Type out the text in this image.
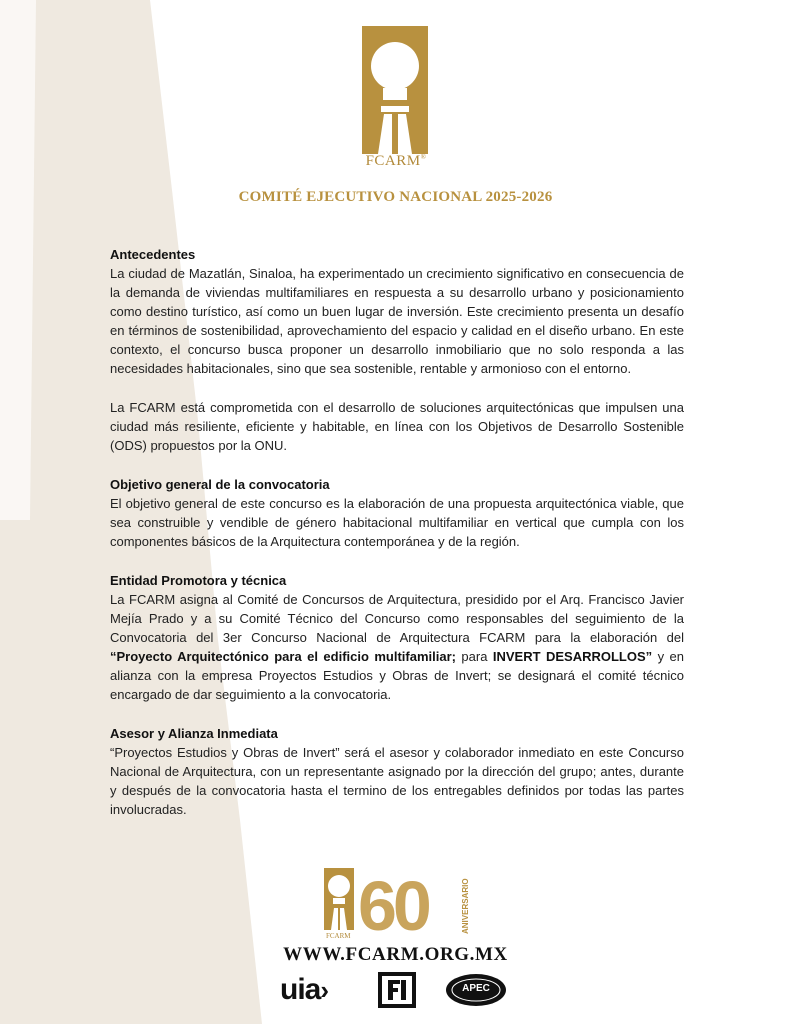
FCARM®
COMITÉ EJECUTIVO NACIONAL 2025-2026
Antecedentes

La ciudad de Mazatlán, Sinaloa, ha experimentado un crecimiento significativo en consecuencia de la demanda de viviendas multifamiliares en respuesta a su desarrollo urbano y posicionamiento como destino turístico, así como un buen lugar de inversión. Este crecimiento presenta un desafío en términos de sostenibilidad, aprovechamiento del espacio y calidad en el diseño urbano. En este contexto, el concurso busca proponer un desarrollo inmobiliario que no solo responda a las necesidades habitacionales, sino que sea sostenible, rentable y armonioso con el entorno.

La FCARM está comprometida con el desarrollo de soluciones arquitectónicas que impulsen una ciudad más resiliente, eficiente y habitable, en línea con los Objetivos de Desarrollo Sostenible (ODS) propuestos por la ONU.

Objetivo general de la convocatoria

El objetivo general de este concurso es la elaboración de una propuesta arquitectónica viable, que sea construible y vendible de género habitacional multifamiliar en vertical que cumpla con los componentes básicos de la Arquitectura contemporánea y de la región.

Entidad Promotora y técnica

La FCARM asigna al Comité de Concursos de Arquitectura, presidido por el Arq. Francisco Javier Mejía Prado y a su Comité Técnico del Concurso como responsables del seguimiento de la Convocatoria del 3er Concurso Nacional de Arquitectura FCARM para la elaboración del “Proyecto Arquitectónico para el edificio multifamiliar; para INVERT DESARROLLOS” y en alianza con la empresa Proyectos Estudios y Obras de Invert; se designará el comité técnico encargado de dar seguimiento a la convocatoria.

Asesor y Alianza Inmediata

“Proyectos Estudios y Obras de Invert” será el asesor y colaborador inmediato en este Concurso Nacional de Arquitectura, con un representante asignado por la dirección del grupo; antes, durante y después de la convocatoria hasta el termino de los entregables definidos por todas las partes involucradas.

FCARM 60	ANIVERSARIO
WWW.FCARM.ORG.MX
uia›	APEC
